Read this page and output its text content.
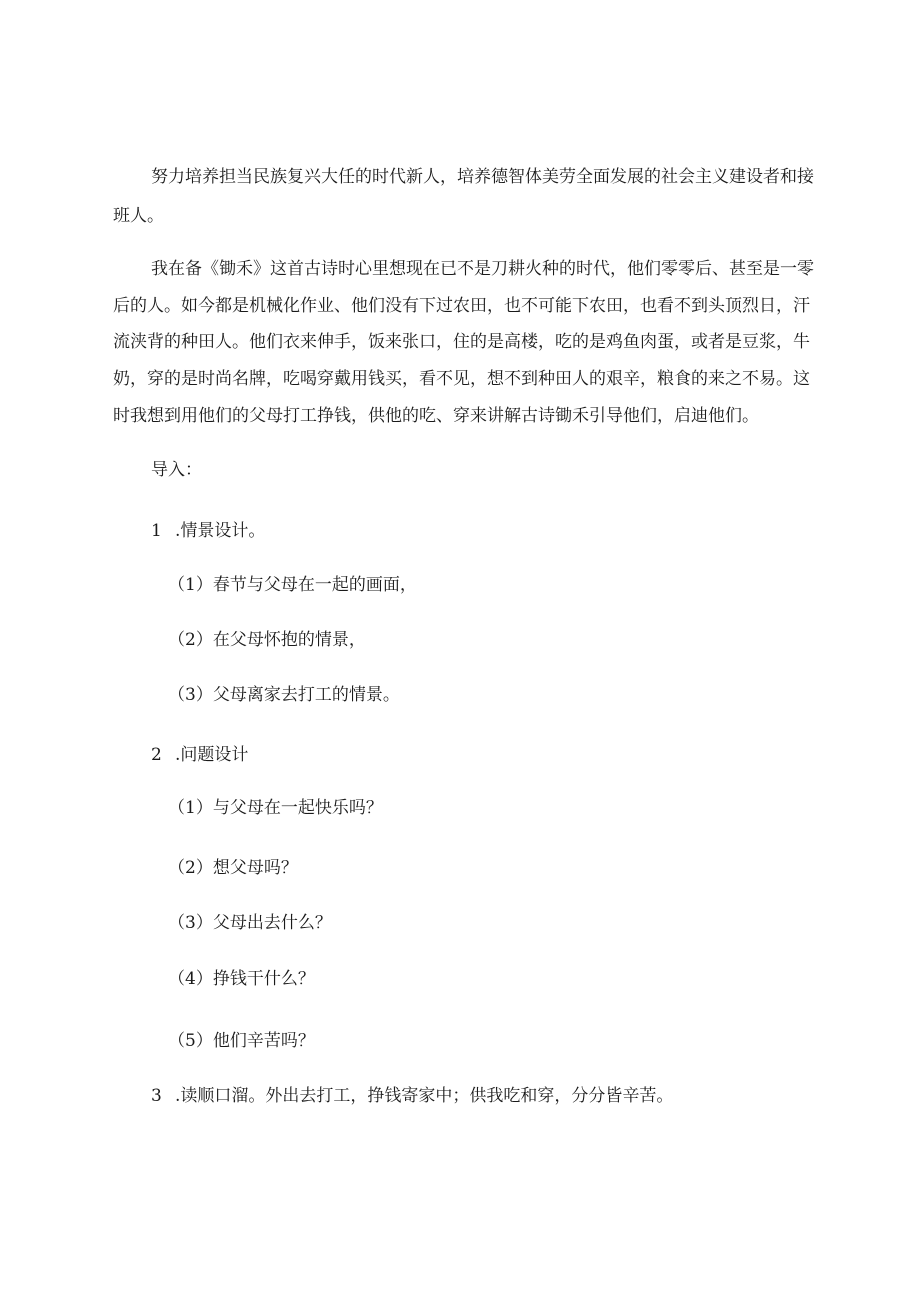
努力培养担当民族复兴大任的时代新人，培养德智体美劳全面发展的社会主义建设者和接
班人。
我在备《锄禾》这首古诗时心里想现在已不是刀耕火种的时代，他们零零后、甚至是一零
后的人。如今都是机械化作业、他们没有下过农田，也不可能下农田，也看不到头顶烈日，汗
流浃背的种田人。他们衣来伸手，饭来张口，住的是高楼，吃的是鸡鱼肉蛋，或者是豆浆，牛
奶，穿的是时尚名牌，吃喝穿戴用钱买，看不见，想不到种田人的艰辛，粮食的来之不易。这
时我想到用他们的父母打工挣钱，供他的吃、穿来讲解古诗锄禾引导他们，启迪他们。
导入：
1 .情景设计。
（1）春节与父母在一起的画面，
（2）在父母怀抱的情景，
（3）父母离家去打工的情景。
2 .问题设计
（1）与父母在一起快乐吗？
（2）想父母吗？
（3）父母出去什么？
（4）挣钱干什么？
（5）他们辛苦吗？
3 .读顺口溜。外出去打工，挣钱寄家中；供我吃和穿，分分皆辛苦。
